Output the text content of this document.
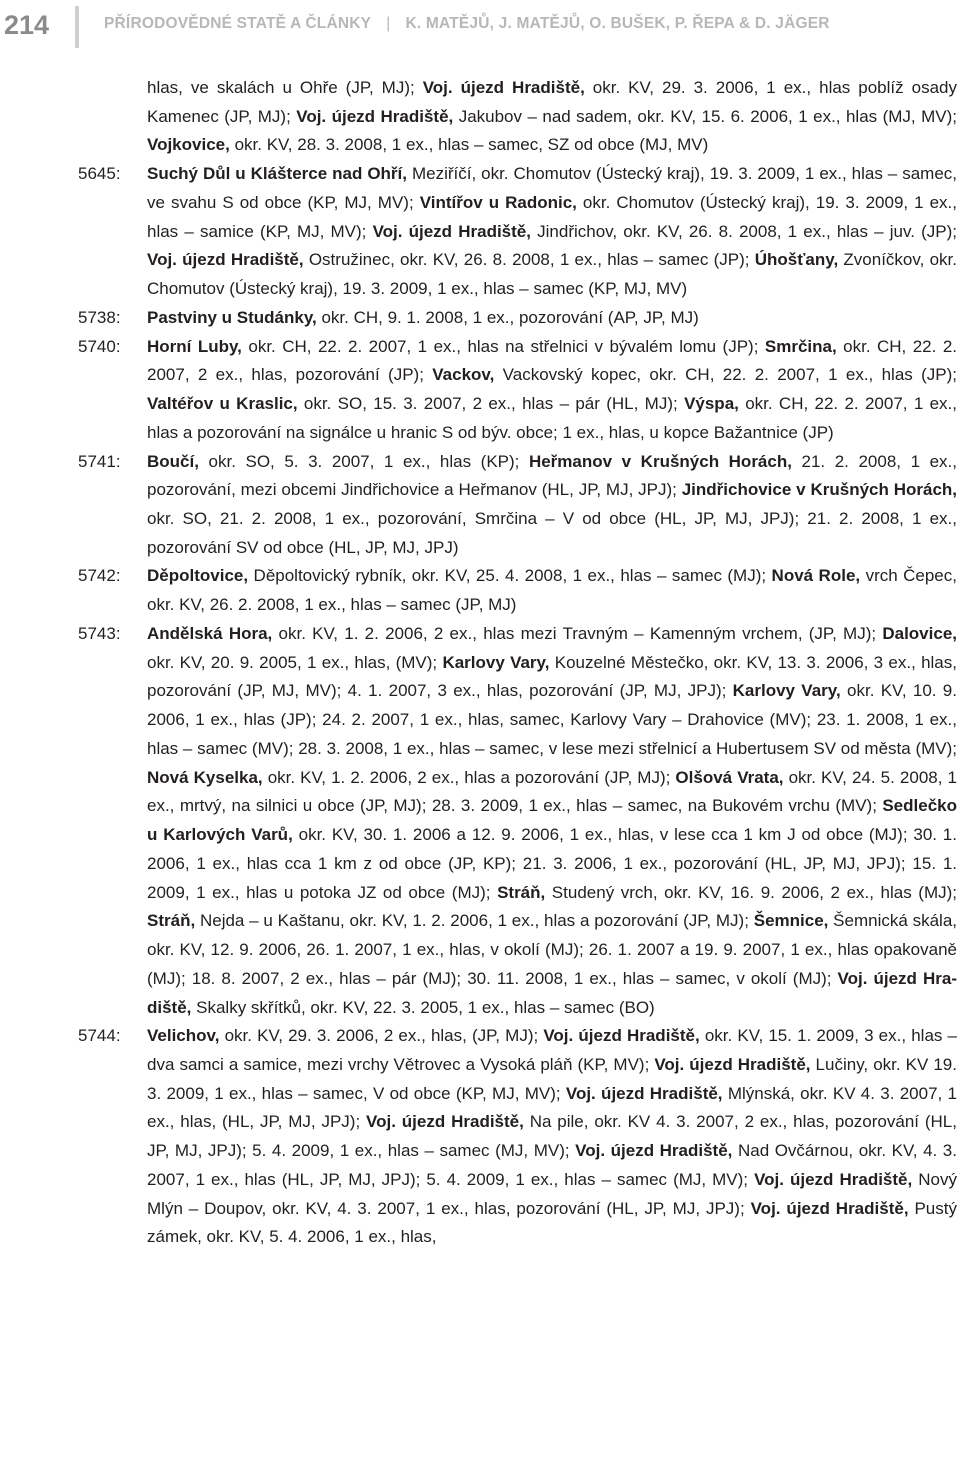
214	PŘÍRODOVĚDNÉ STATĚ A ČLÁNKY | K. MATĚJŮ, J. MATĚJŮ, O. BUŠEK, P. ŘEPA & D. JÄGER
hlas, ve skalách u Ohře (JP, MJ); Voj. újezd Hradiště, okr. KV, 29. 3. 2006, 1 ex., hlas poblíž osady Kamenec (JP, MJ); Voj. újezd Hradiště, Jakubov – nad sadem, okr. KV, 15. 6. 2006, 1 ex., hlas (MJ, MV); Vojkovice, okr. KV, 28. 3. 2008, 1 ex., hlas – samec, SZ od obce (MJ, MV)
5645:	Suchý Důl u Klášterce nad Ohří, Meziříčí, okr. Chomutov (Ústecký kraj), 19. 3. 2009, 1 ex., hlas – samec, ve svahu S od obce (KP, MJ, MV); Vintířov u Radonic, okr. Chomutov (Ústecký kraj), 19. 3. 2009, 1 ex., hlas – samice (KP, MJ, MV); Voj. újezd Hradiště, Jindřichov, okr. KV, 26. 8. 2008, 1 ex., hlas – juv. (JP); Voj. újezd Hradiště, Ostružinec, okr. KV, 26. 8. 2008, 1 ex., hlas – samec (JP); Úhošťany, Zvoníčkov, okr. Chomutov (Ústecký kraj), 19. 3. 2009, 1 ex., hlas – samec (KP, MJ, MV)
5738:	Pastviny u Studánky, okr. CH, 9. 1. 2008, 1 ex., pozorování (AP, JP, MJ)
5740:	Horní Luby, okr. CH, 22. 2. 2007, 1 ex., hlas na střelnici v bývalém lomu (JP); Smrčina, okr. CH, 22. 2. 2007, 2 ex., hlas, pozorování (JP); Vackov, Vackovský kopec, okr. CH, 22. 2. 2007, 1 ex., hlas (JP); Valtéřov u Kraslic, okr. SO, 15. 3. 2007, 2 ex., hlas – pár (HL, MJ); Výspa, okr. CH, 22. 2. 2007, 1 ex., hlas a pozorování na signálce u hranic S od býv. obce; 1 ex., hlas, u kopce Bažantnice (JP)
5741:	Boučí, okr. SO, 5. 3. 2007, 1 ex., hlas (KP); Heřmanov v Krušných Horách, 21. 2. 2008, 1 ex., pozorování, mezi obcemi Jindřichovice a Heřmanov (HL, JP, MJ, JPJ); Jindřichovice v Krušných Horách, okr. SO, 21. 2. 2008, 1 ex., pozorování, Smrčina – V od obce (HL, JP, MJ, JPJ); 21. 2. 2008, 1 ex., pozorování SV od obce (HL, JP, MJ, JPJ)
5742:	Děpoltovice, Děpoltovický rybník, okr. KV, 25. 4. 2008, 1 ex., hlas – samec (MJ); Nová Role, vrch Čepec, okr. KV, 26. 2. 2008, 1 ex., hlas – samec (JP, MJ)
5743:	Andělská Hora, okr. KV, 1. 2. 2006, 2 ex., hlas mezi Travným – Kamenným vrchem, (JP, MJ); Dalovice, okr. KV, 20. 9. 2005, 1 ex., hlas, (MV); Karlovy Vary, Kouzelné Městečko, okr. KV, 13. 3. 2006, 3 ex., hlas, pozorování (JP, MJ, MV); 4. 1. 2007, 3 ex., hlas, pozorování (JP, MJ, JPJ); Karlovy Vary, okr. KV, 10. 9. 2006, 1 ex., hlas (JP); 24. 2. 2007, 1 ex., hlas, samec, Karlovy Vary – Drahovice (MV); 23. 1. 2008, 1 ex., hlas – samec (MV); 28. 3. 2008, 1 ex., hlas – samec, v lese mezi střelnicí a Hubertusem SV od města (MV); Nová Kyselka, okr. KV, 1. 2. 2006, 2 ex., hlas a pozorování (JP, MJ); Olšová Vrata, okr. KV, 24. 5. 2008, 1 ex., mrtvý, na silnici u obce (JP, MJ); 28. 3. 2009, 1 ex., hlas – samec, na Bukovém vrchu (MV); Sedlečko u Karlových Varů, okr. KV, 30. 1. 2006 a 12. 9. 2006, 1 ex., hlas, v lese cca 1 km J od obce (MJ); 30. 1. 2006, 1 ex., hlas cca 1 km z od obce (JP, KP); 21. 3. 2006, 1 ex., pozorování (HL, JP, MJ, JPJ); 15. 1. 2009, 1 ex., hlas u potoka JZ od obce (MJ); Stráň, Studený vrch, okr. KV, 16. 9. 2006, 2 ex., hlas (MJ); Stráň, Nejda – u Kaštanu, okr. KV, 1. 2. 2006, 1 ex., hlas a pozorování (JP, MJ); Šemnice, Šemnická skála, okr. KV, 12. 9. 2006, 26. 1. 2007, 1 ex., hlas, v okolí (MJ); 26. 1. 2007 a 19. 9. 2007, 1 ex., hlas opakovaně (MJ); 18. 8. 2007, 2 ex., hlas – pár (MJ); 30. 11. 2008, 1 ex., hlas – samec, v okolí (MJ); Voj. újezd Hradiště, Skalky skřítků, okr. KV, 22. 3. 2005, 1 ex., hlas – samec (BO)
5744:	Velichov, okr. KV, 29. 3. 2006, 2 ex., hlas, (JP, MJ); Voj. újezd Hradiště, okr. KV, 15. 1. 2009, 3 ex., hlas – dva samci a samice, mezi vrchy Větrovec a Vysoká pláň (KP, MV); Voj. újezd Hradiště, Lučiny, okr. KV 19. 3. 2009, 1 ex., hlas – samec, V od obce (KP, MJ, MV); Voj. újezd Hradiště, Mlýnská, okr. KV 4. 3. 2007, 1 ex., hlas, (HL, JP, MJ, JPJ); Voj. újezd Hradiště, Na pile, okr. KV 4. 3. 2007, 2 ex., hlas, pozorování (HL, JP, MJ, JPJ); 5. 4. 2009, 1 ex., hlas – samec (MJ, MV); Voj. újezd Hradiště, Nad Ovčárnou, okr. KV, 4. 3. 2007, 1 ex., hlas (HL, JP, MJ, JPJ); 5. 4. 2009, 1 ex., hlas – samec (MJ, MV); Voj. újezd Hradiště, Nový Mlýn – Doupov, okr. KV, 4. 3. 2007, 1 ex., hlas, pozorování (HL, JP, MJ, JPJ); Voj. újezd Hradiště, Pustý zámek, okr. KV, 5. 4. 2006, 1 ex., hlas,
